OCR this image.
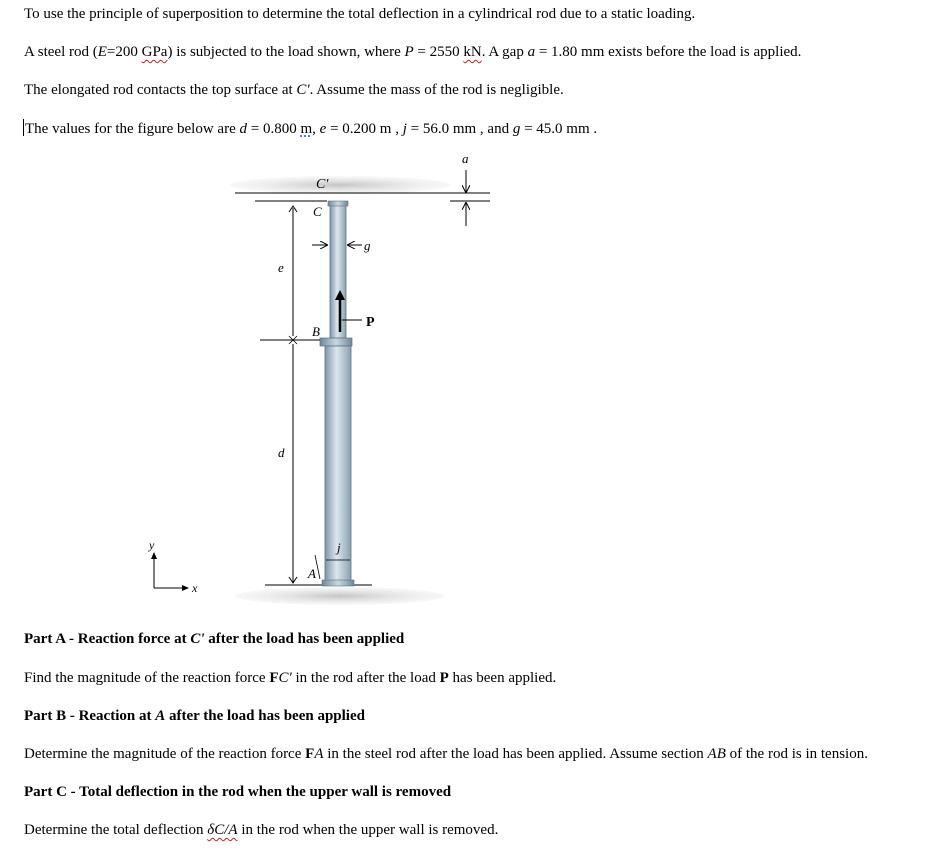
To use the principle of superposition to determine the total deflection in a cylindrical rod due to a static loading.
A steel rod (E=200 GPa) is subjected to the load shown, where P = 2550 kN. A gap a = 1.80 mm exists before the load is applied.
The elongated rod contacts the top surface at C'. Assume the mass of the rod is negligible.
The values for the figure below are d = 0.800 m, e = 0.200 m , j = 56.0 mm , and g = 45.0 mm .
P
a
C'
C
g
e
B
d
j
A
y
x
Part A - Reaction force at C' after the load has been applied
Find the magnitude of the reaction force FC' in the rod after the load P has been applied.
Part B - Reaction at A after the load has been applied
Determine the magnitude of the reaction force FA in the steel rod after the load has been applied. Assume section AB of the rod is in tension.
Part C - Total deflection in the rod when the upper wall is removed
Determine the total deflection δC/A in the rod when the upper wall is removed.
